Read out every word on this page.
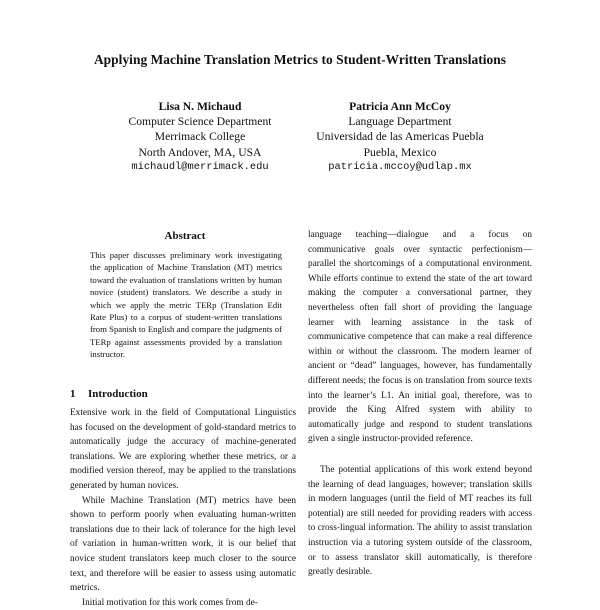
Applying Machine Translation Metrics to Student-Written Translations
Lisa N. Michaud
Computer Science Department
Merrimack College
North Andover, MA, USA
michaudl@merrimack.edu
Patricia Ann McCoy
Language Department
Universidad de las Americas Puebla
Puebla, Mexico
patricia.mccoy@udlap.mx
Abstract
This paper discusses preliminary work investigating the application of Machine Translation (MT) metrics toward the evaluation of translations written by human novice (student) translators. We describe a study in which we apply the metric TERp (Translation Edit Rate Plus) to a corpus of student-written translations from Spanish to English and compare the judgments of TERp against assessments provided by a translation instructor.
1 Introduction

Extensive work in the field of Computational Linguistics has focused on the development of gold-standard metrics to automatically judge the accuracy of machine-generated translations. We are exploring whether these metrics, or a modified version thereof, may be applied to the translations generated by human novices.

While Machine Translation (MT) metrics have been shown to perform poorly when evaluating human-written translations due to their lack of tolerance for the high level of variation in human-written work, it is our belief that novice student translators keep much closer to the source text, and therefore will be easier to assess using automatic metrics.

Initial motivation for this work comes from de-

language teaching—dialogue and a focus on communicative goals over syntactic perfectionism—parallel the shortcomings of a computational environment. While efforts continue to extend the state of the art toward making the computer a conversational partner, they nevertheless often fall short of providing the language learner with learning assistance in the task of communicative competence that can make a real difference within or without the classroom. The modern learner of ancient or “dead” languages, however, has fundamentally different needs; the focus is on translation from source texts into the learner’s L1. An initial goal, therefore, was to provide the King Alfred system with ability to automatically judge and respond to student translations given a single instructor-provided reference.

The potential applications of this work extend beyond the learning of dead languages, however; translation skills in modern languages (until the field of MT reaches its full potential) are still needed for providing readers with access to cross-lingual information. The ability to assist translation instruction via a tutoring system outside of the classroom, or to assess translator skill automatically, is therefore greatly desirable.
